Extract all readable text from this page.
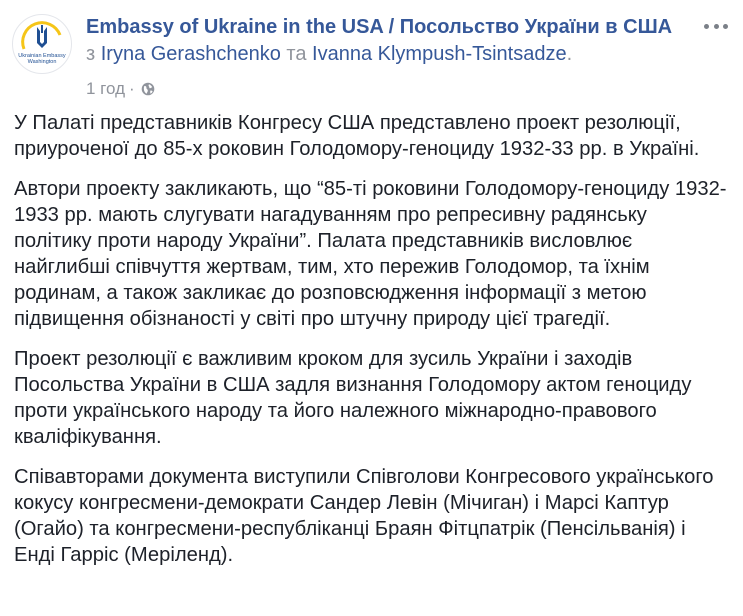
Ukrainian Embassy
Washington
Embassy of Ukraine in the USA / Посольство України в США з Iryna Gerashchenko та Ivanna Klympush-Tsintsadze.
1 год ·

У Палаті представників Конгресу США представлено проект резолюції, приуроченої до 85-х роковин Голодомору-геноциду 1932-33 рр. в Україні.

Автори проекту закликають, що “85-ті роковини Голодомору-геноциду 1932-1933 рр. мають слугувати нагадуванням про репресивну радянську політику проти народу України”. Палата представників висловлює найглибші співчуття жертвам, тим, хто пережив Голодомор, та їхнім родинам, а також закликає до розповсюдження інформації з метою підвищення обізнаності у світі про штучну природу цієї трагедії.

Проект резолюції є важливим кроком для зусиль України і заходів Посольства України в США задля визнання Голодомору актом геноциду проти українського народу та його належного міжнародно-правового кваліфікування.

Співавторами документа виступили Співголови Конгресового українського кокусу конгресмени-демократи Сандер Левін (Мічиган) і Марсі Каптур (Огайо) та конгресмени-республіканці Браян Фітцпатрік (Пенсільванія) і Енді Гарріс (Меріленд).
